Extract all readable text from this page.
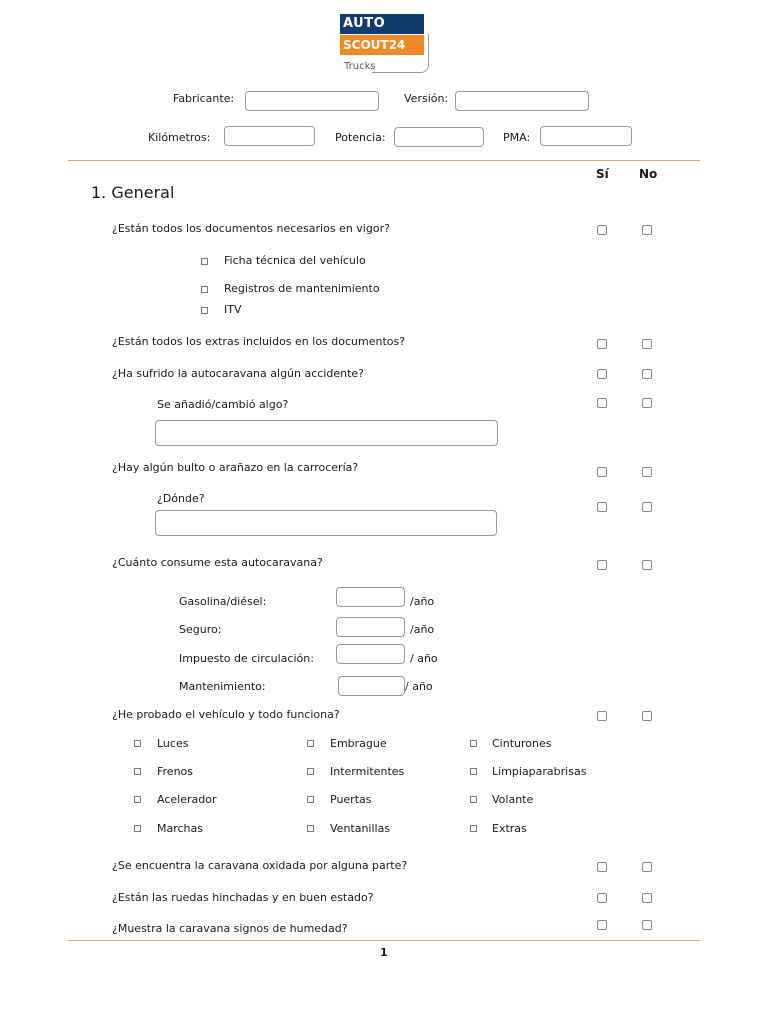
AUTO
SCOUT24
Trucks
Fabricante:	Versión:
Kilómetros:	Potencia:	PMA:
Sí	No
1. General
¿Están todos los documentos necesarios en vigor?
Ficha técnica del vehículo
Registros de mantenimiento
ITV
¿Están todos los extras incluidos en los documentos?
¿Ha sufrido la autocaravana algún accidente?
Se añadió/cambió algo?
¿Hay algún bulto o arañazo en la carrocería?
¿Dónde?
¿Cuánto consume esta autocaravana?
Gasolina/diésel:	/año
Seguro:	/año
Impuesto de circulación:	/ año
Mantenimiento:	/ año
¿He probado el vehículo y todo funciona?
Luces	Embrague	Cinturones
Frenos	Intermitentes	Limpiaparabrisas
Acelerador	Puertas	Volante
Marchas	Ventanillas	Extras
¿Se encuentra la caravana oxidada por alguna parte?
¿Están las ruedas hinchadas y en buen estado?
¿Muestra la caravana signos de humedad?
1
